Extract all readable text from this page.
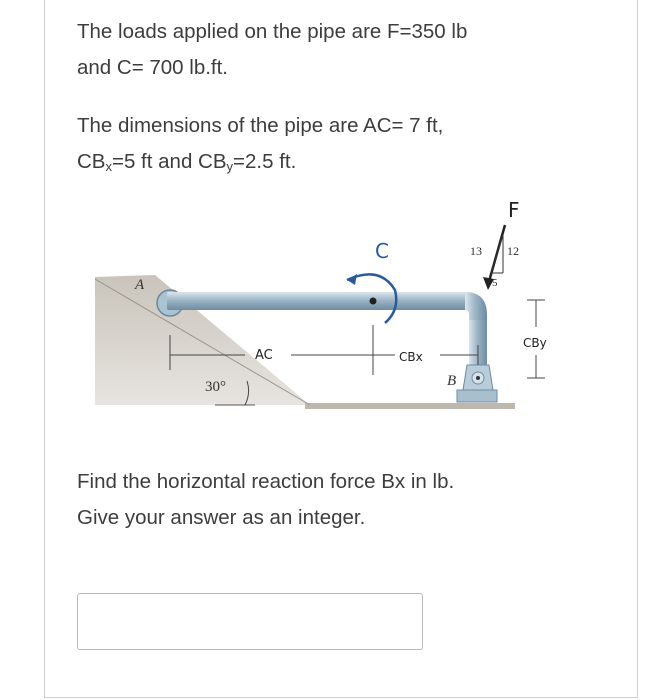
The loads applied on the pipe are F=350 lb
and C= 700 lb.ft.

The dimensions of the pipe are AC= 7 ft,
$CB_x=5$ ft and $CB_y=2.5$ ft.

30°
A
B
C
F
13 12
5
AC	CBx
CBy

Find the horizontal reaction force Bx in lb.
Give your answer as an integer.
